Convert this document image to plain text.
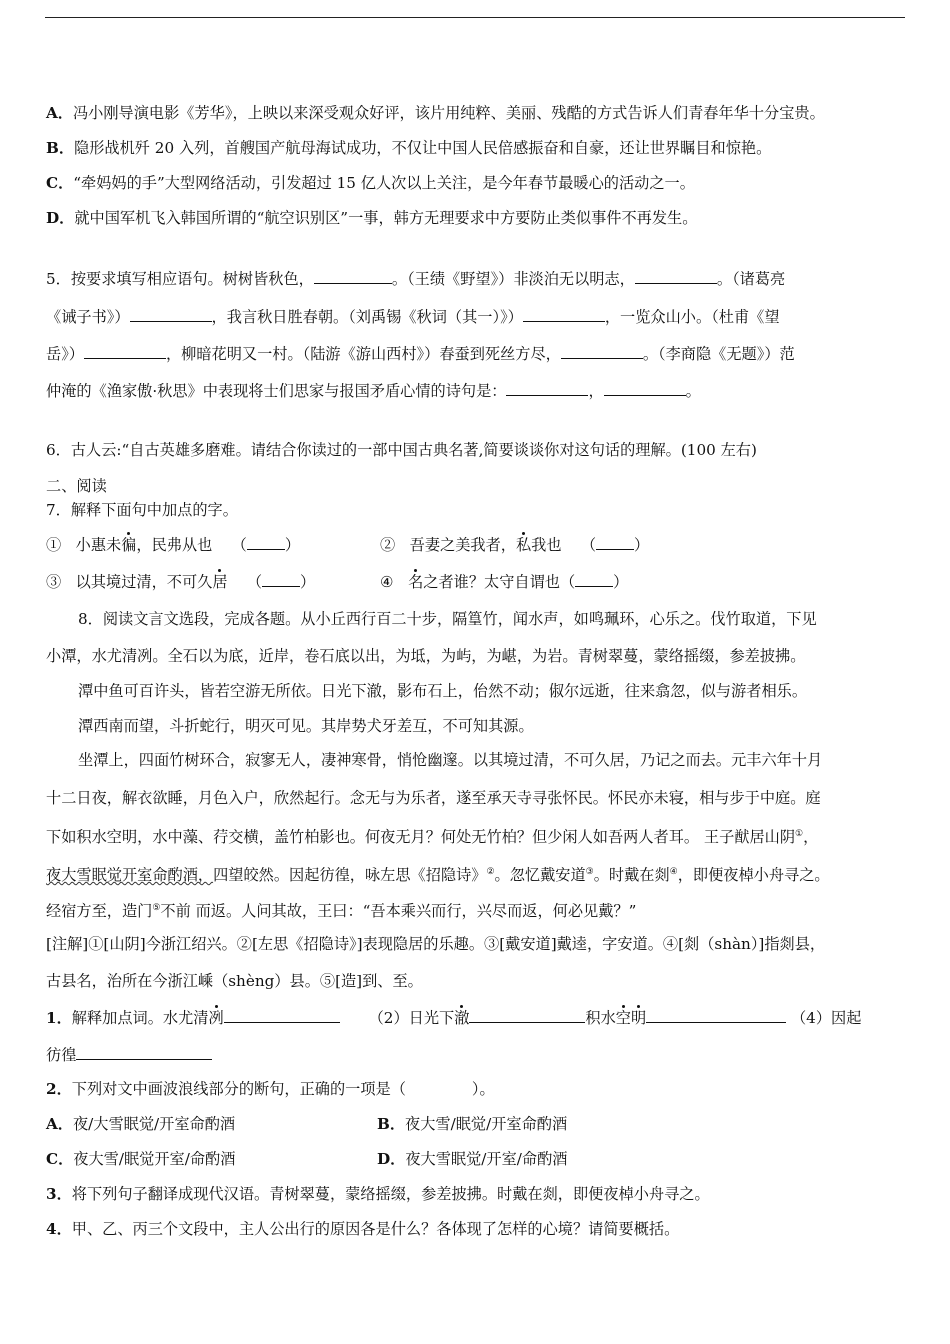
A．冯小刚导演电影《芳华》，上映以来深受观众好评，该片用纯粹、美丽、残酷的方式告诉人们青春年华十分宝贵。
B．隐形战机歼 20 入列，首艘国产航母海试成功，不仅让中国人民倍感振奋和自豪，还让世界瞩目和惊艳。
C．“牵妈妈的手”大型网络活动，引发超过 15 亿人次以上关注，是今年春节最暖心的活动之一。
D．就中国军机飞入韩国所谓的“航空识别区”一事，韩方无理要求中方要防止类似事件不再发生。
5．按要求填写相应语句。树树皆秋色，	。（王绩《野望》）非淡泊无以明志，	。（诸葛亮
《诫子书》）	，我言秋日胜春朝。（刘禹锡《秋词（其一）》）	，一览众山小。（杜甫《望
岳》）	，柳暗花明又一村。（陆游《游山西村》）春蚕到死丝方尽，	。（李商隐《无题》）范
仲淹的《渔家傲·秋思》中表现将士们思家与报国矛盾心情的诗句是：	，	。
6．古人云:“自古英雄多磨难。请结合你读过的一部中国古典名著,简要谈谈你对这句话的理解。(100 左右)
二、阅读
7．解释下面句中加点的字。
① 小惠未徧，民弗从也 （	）	② 吾妻之美我者，私我也 （	）
③ 以其境过清，不可久居 （	）	④ 名之者谁？太守自谓也（	）
8．阅读文言文选段，完成各题。从小丘西行百二十步，隔篁竹，闻水声，如鸣珮环，心乐之。伐竹取道，下见
小潭，水尤清冽。全石以为底，近岸，卷石底以出，为坻，为屿，为嵁，为岩。青树翠蔓，蒙络摇缀，参差披拂。
潭中鱼可百许头，皆若空游无所依。日光下澈，影布石上，佁然不动；俶尔远逝，往来翕忽，似与游者相乐。
潭西南而望，斗折蛇行，明灭可见。其岸势犬牙差互，不可知其源。
坐潭上，四面竹树环合，寂寥无人，凄神寒骨，悄怆幽邃。以其境过清，不可久居，乃记之而去。元丰六年十月
十二日夜，解衣欲睡，月色入户，欣然起行。念无与为乐者，遂至承天寺寻张怀民。怀民亦未寝，相与步于中庭。庭
下如积水空明，水中藻、荇交横，盖竹柏影也。何夜无月？何处无竹柏？但少闲人如吾两人者耳。 王子猷居山阴①，
夜大雪眠觉开室命酌酒，四望皎然。因起彷徨，咏左思《招隐诗》②。忽忆戴安道③。时戴在剡④，即便夜棹小舟寻之。
经宿方至，造门⑤不前 而返。人问其故，王曰：“吾本乘兴而行，兴尽而返，何必见戴？”
[注解]①[山阴]今浙江绍兴。②[左思《招隐诗》]表现隐居的乐趣。③[戴安道]戴逵，字安道。④[剡（shàn）]指剡县，
古县名，治所在今浙江嵊（shèng）县。⑤[造]到、至。
1．解释加点词。水尤清冽	（2）日光下澈	积水空明	（4）因起
彷徨
2．下列对文中画波浪线部分的断句，正确的一项是（	）。
A．夜/大雪眠觉/开室命酌酒	B．夜大雪/眠觉/开室命酌酒
C．夜大雪/眠觉开室/命酌酒	D．夜大雪眠觉/开室/命酌酒
3．将下列句子翻译成现代汉语。青树翠蔓，蒙络摇缀，参差披拂。时戴在剡，即便夜棹小舟寻之。
4．甲、乙、丙三个文段中，主人公出行的原因各是什么？各体现了怎样的心境？请简要概括。
